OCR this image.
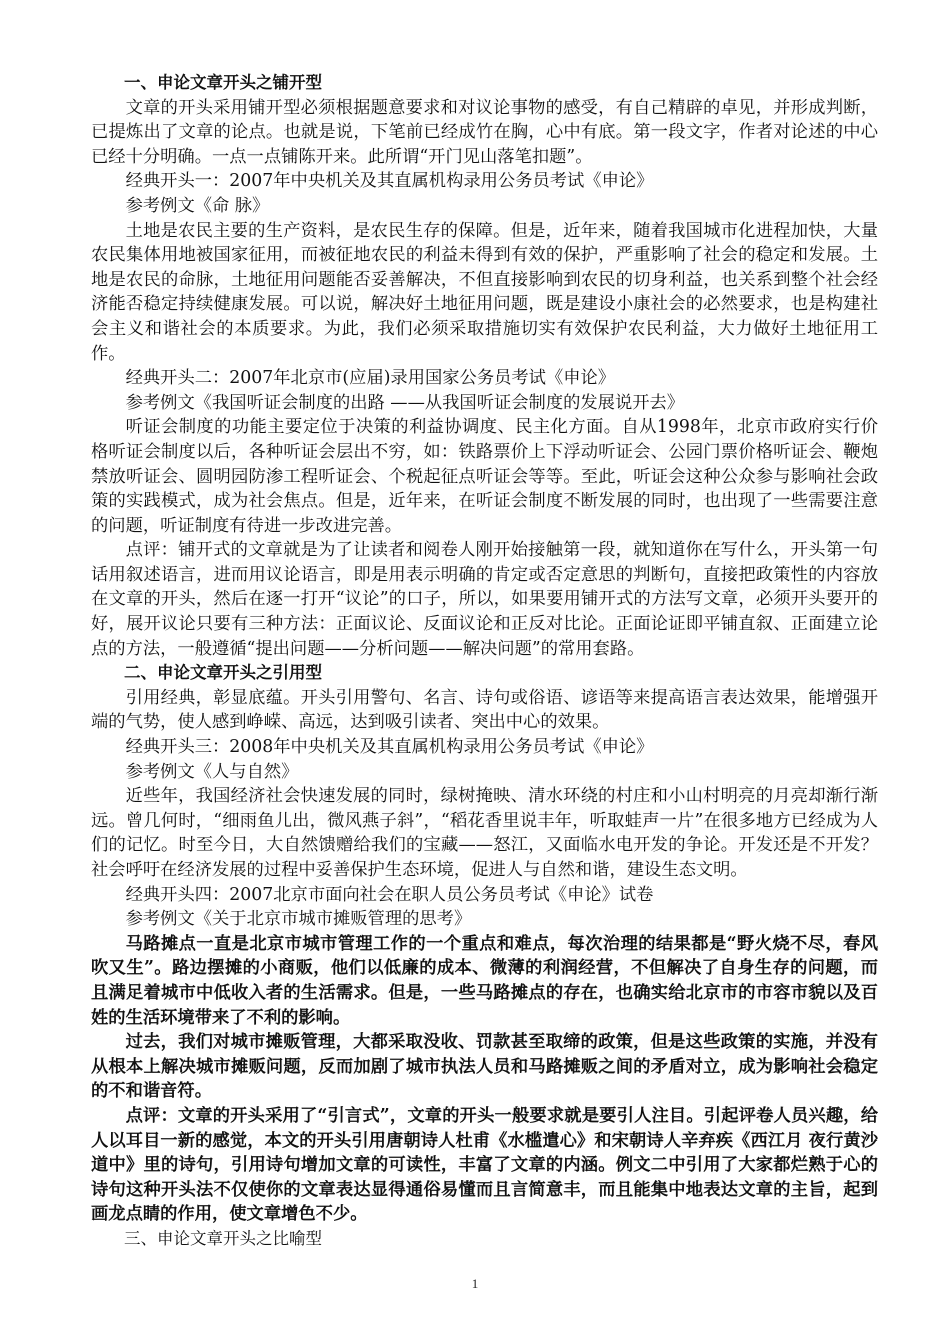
一、申论文章开头之铺开型

文章的开头采用铺开型必须根据题意要求和对议论事物的感受，有自己精辟的卓见，并形成判断，已提炼出了文章的论点。也就是说，下笔前已经成竹在胸，心中有底。第一段文字，作者对论述的中心已经十分明确。一点一点铺陈开来。此所谓“开门见山落笔扣题”。

经典开头一：2007年中央机关及其直属机构录用公务员考试《申论》

参考例文《命 脉》

土地是农民主要的生产资料，是农民生存的保障。但是，近年来，随着我国城市化进程加快，大量农民集体用地被国家征用，而被征地农民的利益未得到有效的保护，严重影响了社会的稳定和发展。土地是农民的命脉，土地征用问题能否妥善解决，不但直接影响到农民的切身利益，也关系到整个社会经济能否稳定持续健康发展。可以说，解决好土地征用问题，既是建设小康社会的必然要求，也是构建社会主义和谐社会的本质要求。为此，我们必须采取措施切实有效保护农民利益，大力做好土地征用工作。

经典开头二：2007年北京市(应届)录用国家公务员考试《申论》

参考例文《我国听证会制度的出路 ——从我国听证会制度的发展说开去》

听证会制度的功能主要定位于决策的利益协调度、民主化方面。自从1998年，北京市政府实行价格听证会制度以后，各种听证会层出不穷，如：铁路票价上下浮动听证会、公园门票价格听证会、鞭炮禁放听证会、圆明园防渗工程听证会、个税起征点听证会等等。至此，听证会这种公众参与影响社会政策的实践模式，成为社会焦点。但是，近年来，在听证会制度不断发展的同时，也出现了一些需要注意的问题，听证制度有待进一步改进完善。

点评：铺开式的文章就是为了让读者和阅卷人刚开始接触第一段，就知道你在写什么，开头第一句话用叙述语言，进而用议论语言，即是用表示明确的肯定或否定意思的判断句，直接把政策性的内容放在文章的开头，然后在逐一打开“议论”的口子，所以，如果要用铺开式的方法写文章，必须开头要开的好，展开议论只要有三种方法：正面议论、反面议论和正反对比论。正面论证即平铺直叙、正面建立论点的方法，一般遵循“提出问题——分析问题——解决问题”的常用套路。

二、申论文章开头之引用型

引用经典，彰显底蕴。开头引用警句、名言、诗句或俗语、谚语等来提高语言表达效果，能增强开端的气势，使人感到峥嵘、高远，达到吸引读者、突出中心的效果。

经典开头三：2008年中央机关及其直属机构录用公务员考试《申论》

参考例文《人与自然》

近些年，我国经济社会快速发展的同时，绿树掩映、清水环绕的村庄和小山村明亮的月亮却渐行渐远。曾几何时，“细雨鱼儿出，微风燕子斜”，“稻花香里说丰年，听取蛙声一片”在很多地方已经成为人们的记忆。时至今日，大自然馈赠给我们的宝藏——怒江，又面临水电开发的争论。开发还是不开发？社会呼吁在经济发展的过程中妥善保护生态环境，促进人与自然和谐，建设生态文明。

经典开头四：2007北京市面向社会在职人员公务员考试《申论》试卷

参考例文《关于北京市城市摊贩管理的思考》

马路摊点一直是北京市城市管理工作的一个重点和难点，每次治理的结果都是“野火烧不尽，春风吹又生”。路边摆摊的小商贩，他们以低廉的成本、微薄的利润经营，不但解决了自身生存的问题，而且满足着城市中低收入者的生活需求。但是，一些马路摊点的存在，也确实给北京市的市容市貌以及百姓的生活环境带来了不利的影响。

过去，我们对城市摊贩管理，大都采取没收、罚款甚至取缔的政策，但是这些政策的实施，并没有从根本上解决城市摊贩问题，反而加剧了城市执法人员和马路摊贩之间的矛盾对立，成为影响社会稳定的不和谐音符。

点评：文章的开头采用了“引言式”，文章的开头一般要求就是要引人注目。引起评卷人员兴趣，给人以耳目一新的感觉，本文的开头引用唐朝诗人杜甫《水槛遣心》和宋朝诗人辛弃疾《西江月 夜行黄沙道中》里的诗句，引用诗句增加文章的可读性，丰富了文章的内涵。例文二中引用了大家都烂熟于心的诗句这种开头法不仅使你的文章表达显得通俗易懂而且言简意丰，而且能集中地表达文章的主旨，起到画龙点睛的作用，使文章增色不少。

三、申论文章开头之比喻型

1
